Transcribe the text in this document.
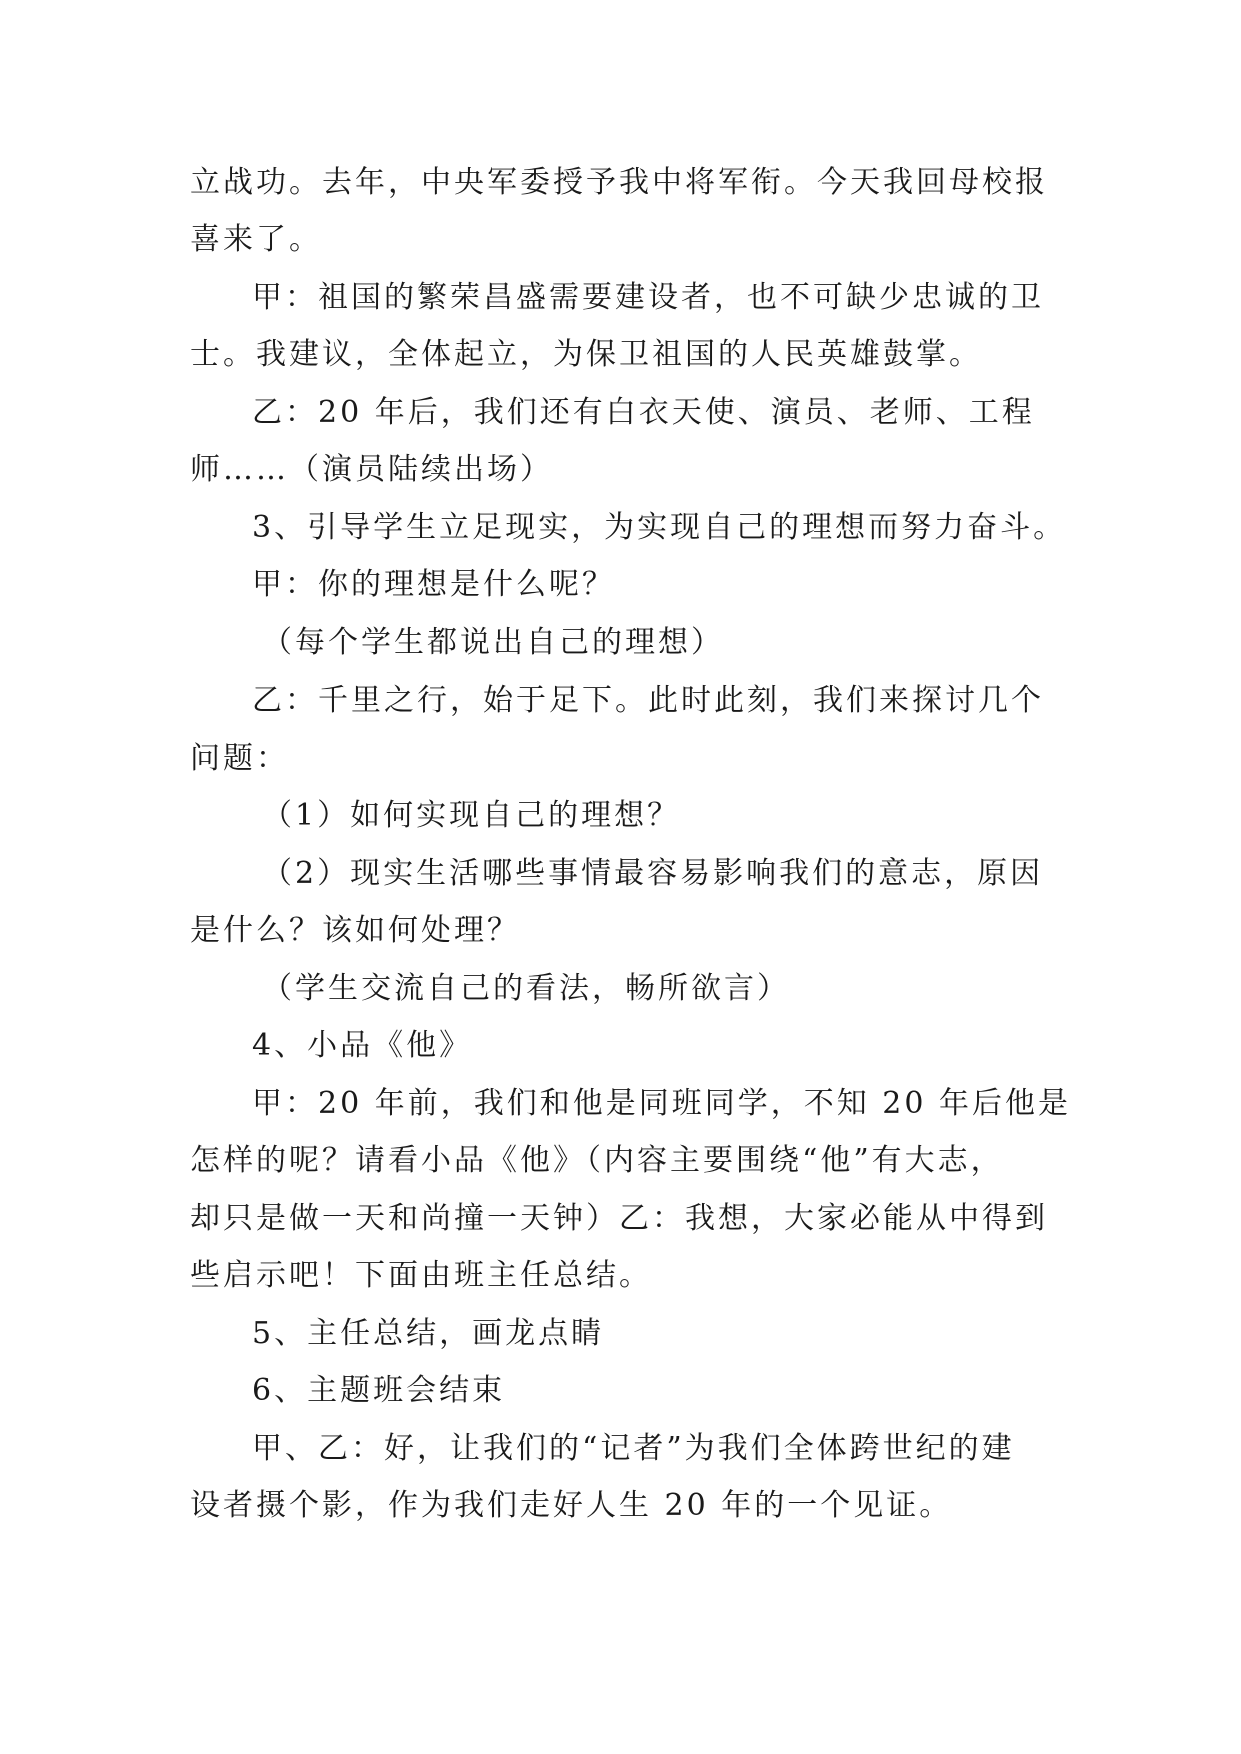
立战功。去年，中央军委授予我中将军衔。今天我回母校报
喜来了。
甲：祖国的繁荣昌盛需要建设者，也不可缺少忠诚的卫
士。我建议，全体起立，为保卫祖国的人民英雄鼓掌。
乙：20 年后，我们还有白衣天使、演员、老师、工程
师……（演员陆续出场）
3、引导学生立足现实，为实现自己的理想而努力奋斗。
甲：你的理想是什么呢？
（每个学生都说出自己的理想）
乙：千里之行，始于足下。此时此刻，我们来探讨几个
问题：
（1）如何实现自己的理想？
（2）现实生活哪些事情最容易影响我们的意志，原因
是什么？该如何处理？
（学生交流自己的看法，畅所欲言）
4、小品《他》
甲：20 年前，我们和他是同班同学，不知 20 年后他是
怎样的呢？请看小品《他》（内容主要围绕“他”有大志，
却只是做一天和尚撞一天钟）乙：我想，大家必能从中得到
些启示吧！下面由班主任总结。
5、主任总结，画龙点睛
6、主题班会结束
甲、乙：好，让我们的“记者”为我们全体跨世纪的建
设者摄个影，作为我们走好人生 20 年的一个见证。
